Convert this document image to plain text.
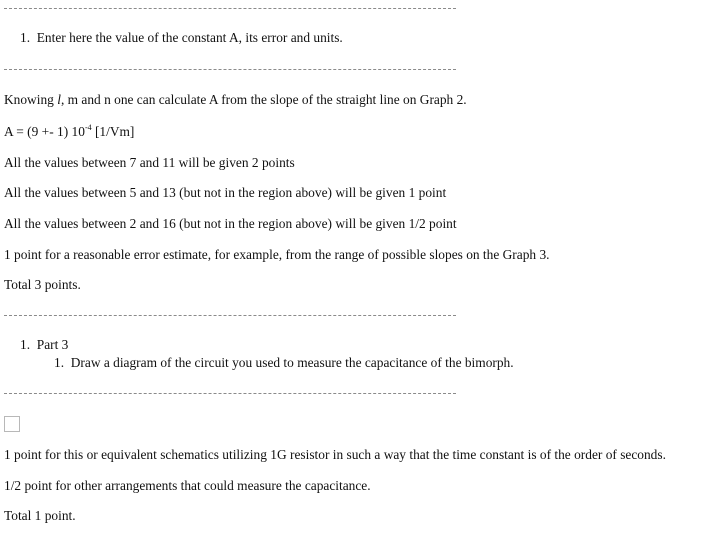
1. Enter here the value of the constant A, its error and units.
Knowing l, m and n one can calculate A from the slope of the straight line on Graph 2.
A = (9 +- 1) $10^{-4}$ [1/Vm]
All the values between 7 and 11 will be given 2 points
All the values between 5 and 13 (but not in the region above) will be given 1 point
All the values between 2 and 16 (but not in the region above) will be given 1/2 point
1 point for a reasonable error estimate, for example, from the range of possible slopes on the Graph 3.
Total 3 points.
1. Part 3
1. Draw a diagram of the circuit you used to measure the capacitance of the bimorph.
1 point for this or equivalent schematics utilizing 1G resistor in such a way that the time constant is of the order of seconds.
1/2 point for other arrangements that could measure the capacitance.
Total 1 point.
